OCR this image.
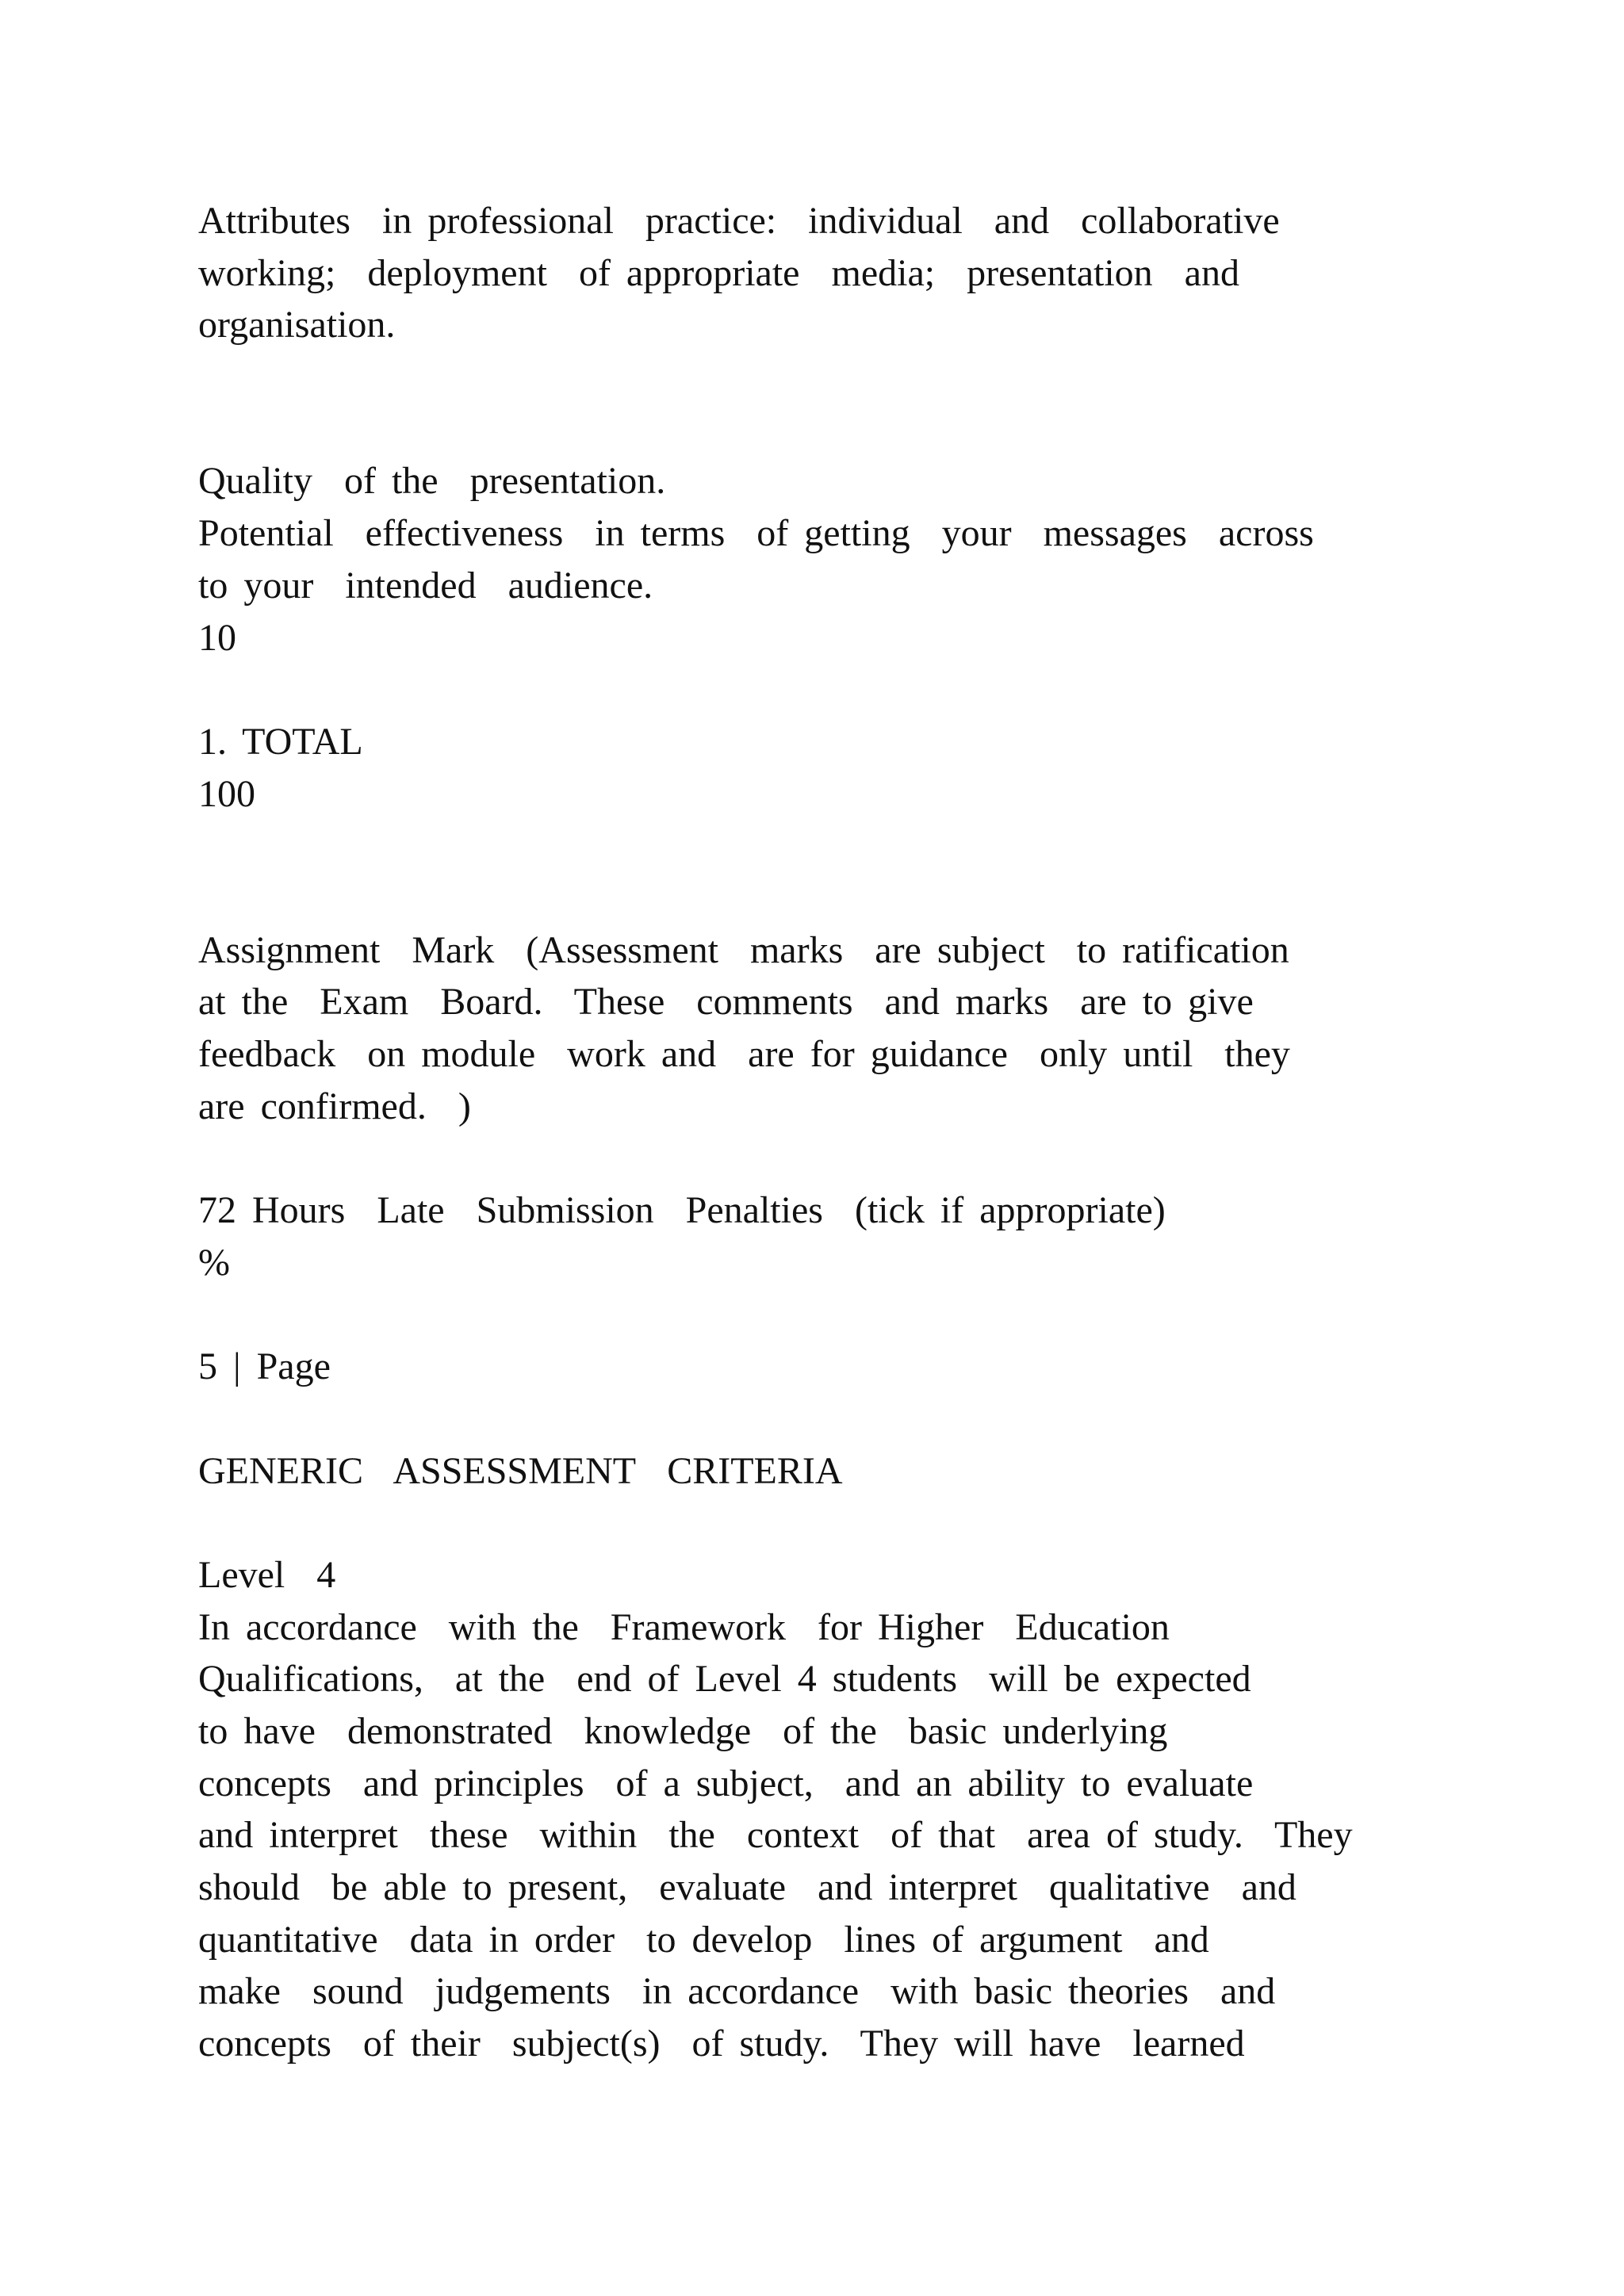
Attributes  in professional  practice:  individual  and  collaborative
working;  deployment  of appropriate  media;  presentation  and
organisation.
Quality  of the  presentation.
Potential  effectiveness  in terms  of getting  your  messages  across
to your  intended  audience.
10
1. TOTAL
100
Assignment  Mark  (Assessment  marks  are subject  to ratification
at the  Exam  Board.  These  comments  and marks  are to give
feedback  on module  work and  are for guidance  only until  they
are confirmed.  )
72 Hours  Late  Submission  Penalties  (tick if appropriate)
%
5 | Page
GENERIC  ASSESSMENT  CRITERIA
Level  4
In accordance  with the  Framework  for Higher  Education
Qualifications,  at the  end of Level 4 students  will be expected
to have  demonstrated  knowledge  of the  basic underlying
concepts  and principles  of a subject,  and an ability to evaluate
and interpret  these  within  the  context  of that  area of study.  They
should  be able to present,  evaluate  and interpret  qualitative  and
quantitative  data in order  to develop  lines of argument  and
make  sound  judgements  in accordance  with basic theories  and
concepts  of their  subject(s)  of study.  They will have  learned
